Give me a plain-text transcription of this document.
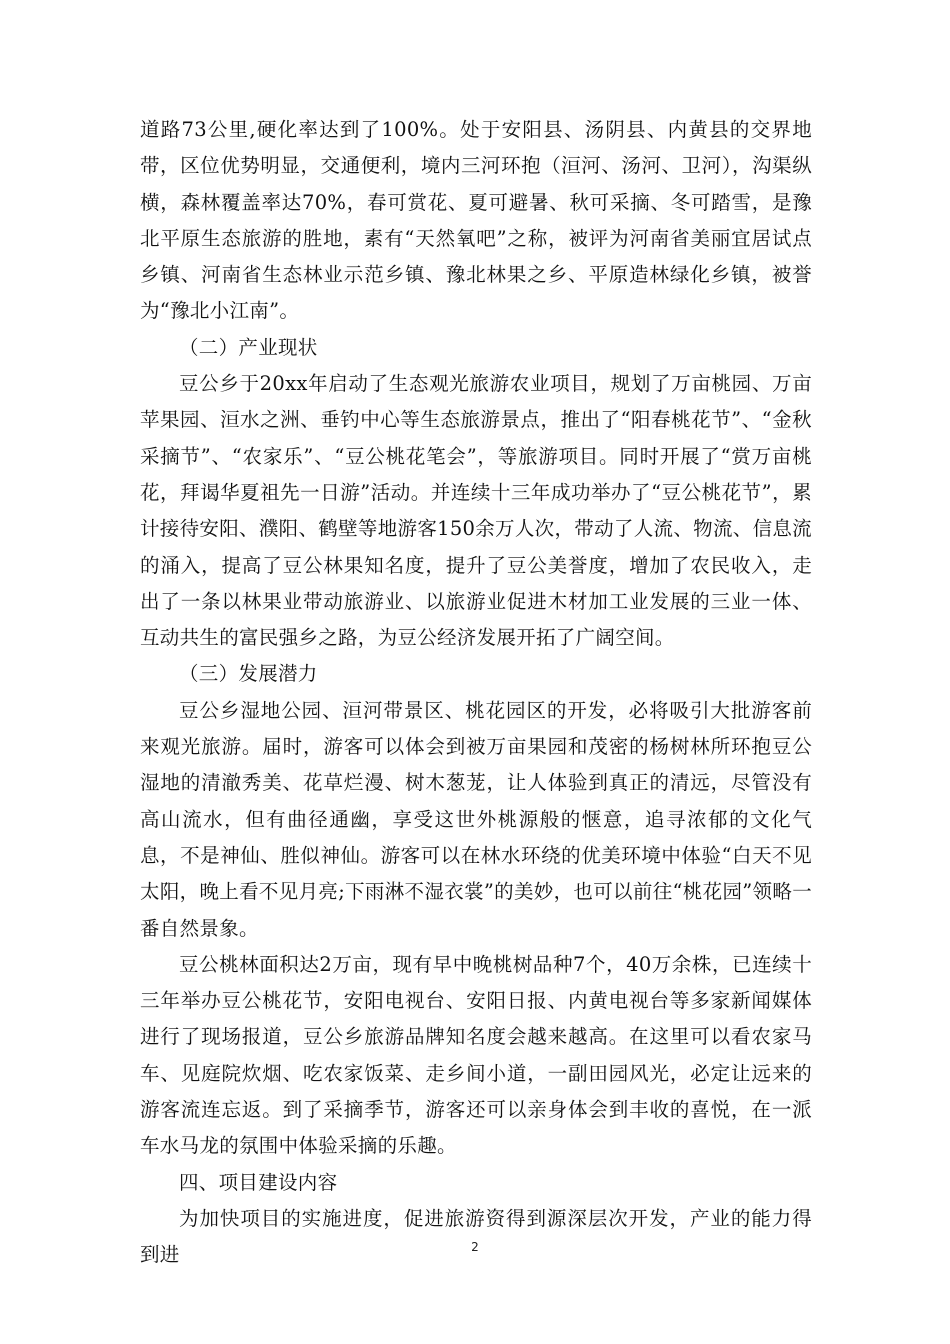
道路73公里,硬化率达到了100%。处于安阳县、汤阴县、内黄县的交界地带，区位优势明显，交通便利，境内三河环抱（洹河、汤河、卫河），沟渠纵横，森林覆盖率达70%，春可赏花、夏可避暑、秋可采摘、冬可踏雪，是豫北平原生态旅游的胜地，素有“天然氧吧”之称，被评为河南省美丽宜居试点乡镇、河南省生态林业示范乡镇、豫北林果之乡、平原造林绿化乡镇，被誉为“豫北小江南”。

（二）产业现状

豆公乡于20xx年启动了生态观光旅游农业项目，规划了万亩桃园、万亩苹果园、洹水之洲、垂钓中心等生态旅游景点，推出了“阳春桃花节”、“金秋采摘节”、“农家乐”、“豆公桃花笔会”，等旅游项目。同时开展了“赏万亩桃花，拜谒华夏祖先一日游”活动。并连续十三年成功举办了“豆公桃花节”，累计接待安阳、濮阳、鹤壁等地游客150余万人次，带动了人流、物流、信息流的涌入，提高了豆公林果知名度，提升了豆公美誉度，增加了农民收入，走出了一条以林果业带动旅游业、以旅游业促进木材加工业发展的三业一体、互动共生的富民强乡之路，为豆公经济发展开拓了广阔空间。

（三）发展潜力

豆公乡湿地公园、洹河带景区、桃花园区的开发，必将吸引大批游客前来观光旅游。届时，游客可以体会到被万亩果园和茂密的杨树林所环抱豆公湿地的清澈秀美、花草烂漫、树木葱茏，让人体验到真正的清远，尽管没有高山流水，但有曲径通幽，享受这世外桃源般的惬意，追寻浓郁的文化气息，不是神仙、胜似神仙。游客可以在林水环绕的优美环境中体验“白天不见太阳，晚上看不见月亮;下雨淋不湿衣裳”的美妙，也可以前往“桃花园”领略一番自然景象。

豆公桃林面积达2万亩，现有早中晚桃树品种7个，40万余株，已连续十三年举办豆公桃花节，安阳电视台、安阳日报、内黄电视台等多家新闻媒体进行了现场报道，豆公乡旅游品牌知名度会越来越高。在这里可以看农家马车、见庭院炊烟、吃农家饭菜、走乡间小道，一副田园风光，必定让远来的游客流连忘返。到了采摘季节，游客还可以亲身体会到丰收的喜悦，在一派车水马龙的氛围中体验采摘的乐趣。

四、项目建设内容

为加快项目的实施进度，促进旅游资得到源深层次开发，产业的能力得到进	2
